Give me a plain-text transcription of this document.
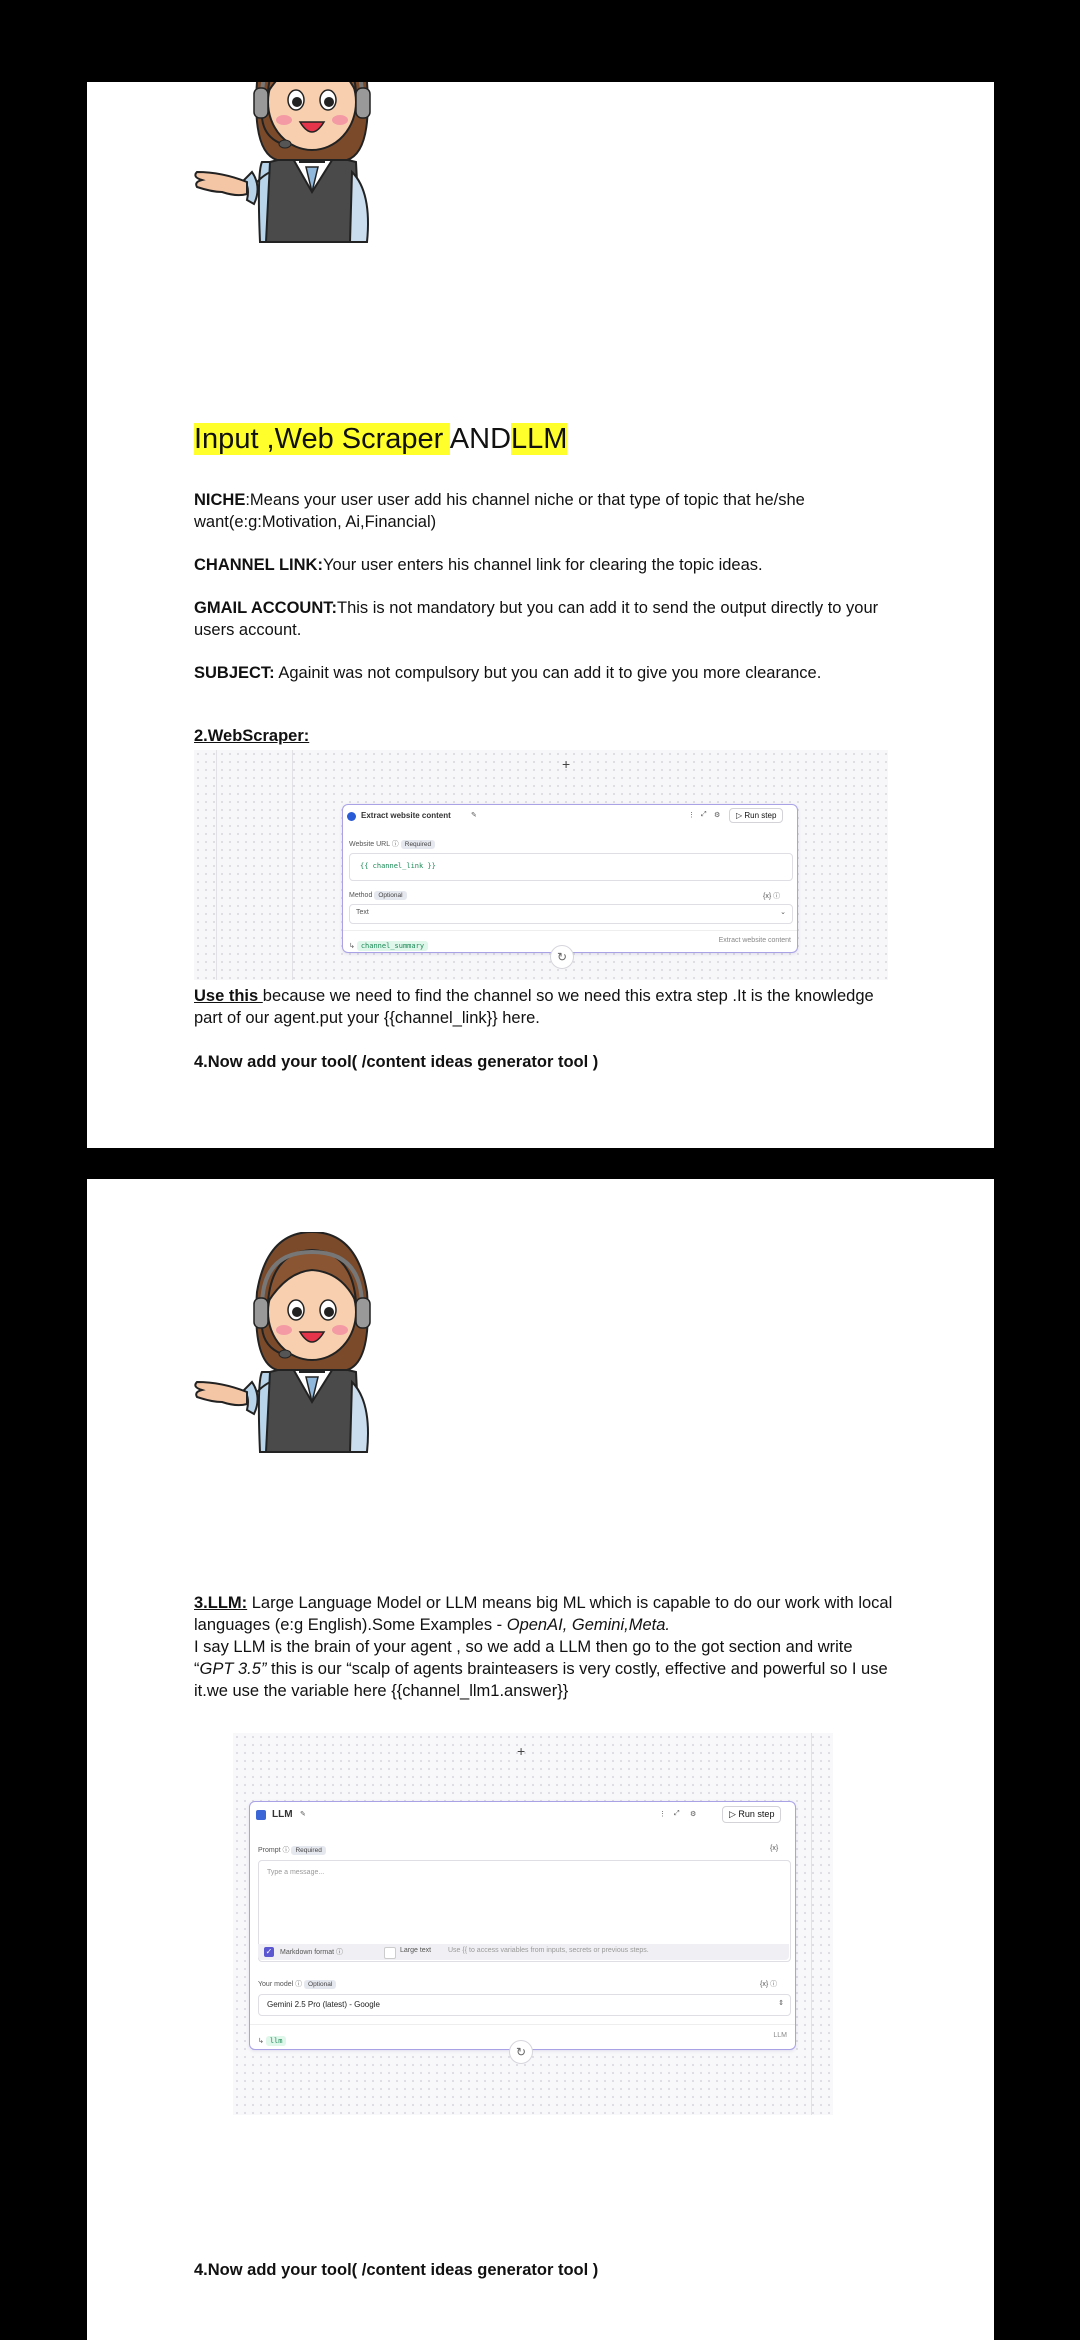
Input ,Web Scraper ANDLLM
NICHE:Means your user user add his channel niche or that type of topic that he/she want(e:g:Motivation, Ai,Financial)
CHANNEL LINK:Your user enters his channel link for clearing the topic ideas.
GMAIL ACCOUNT:This is not mandatory but you can add it to send the output directly to your users account.
SUBJECT: Againit was not compulsory but you can add it to give you more clearance.
2.WebScraper:
+
Extract website content	✎	⋮ ⤢ ⚙	▷ Run step
Website URL ⓘ Required
{{ channel_link }}
Method Optional	{x} ⓘ
Text	⌄
↳ channel_summary
Extract website content
↻
Use this because we need to find the channel so we need this extra step .It is the knowledge part of our agent.put your {{channel_link}} here.
4.Now add your tool( /content ideas generator tool )
3.LLM: Large Language Model or LLM means big ML which is capable to do our work with local languages (e:g English).Some Examples - OpenAI, Gemini,Meta.
I say LLM is the brain of your agent , so we add a LLM then go to the got section and write “GPT 3.5” this is our “scalp of agents brainteasers is very costly, effective and powerful so I use it.we use the variable here {{channel_llm1.answer}}
+
LLM ✎	⋮ ⤢ ⚙	▷ Run step
Prompt ⓘ Required	{x}
Type a message...
✓ Markdown format ⓘ	Large text Use {{ to access variables from inputs, secrets or previous steps.
Your model ⓘ Optional	{x} ⓘ
Gemini 2.5 Pro (latest) - Google	⇕
↳ llm
LLM
↻
4.Now add your tool( /content ideas generator tool )
